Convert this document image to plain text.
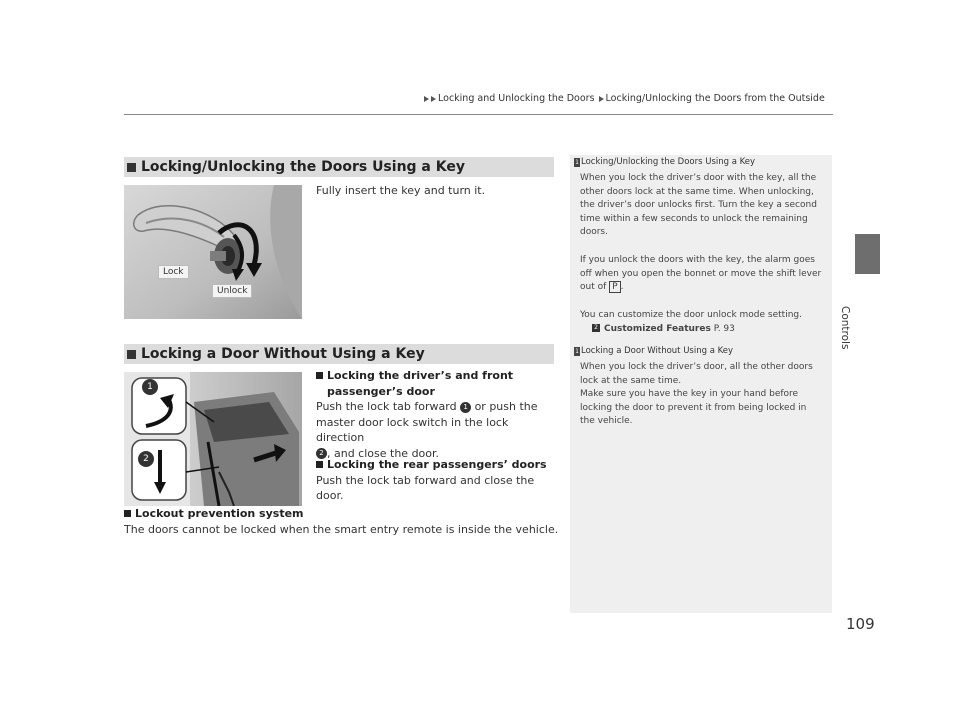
Locking and Unlocking the Doors Locking/Unlocking the Doors from the Outside
Controls
1 Locking/Unlocking the Doors Using a Key
When you lock the driver’s door with the key, all the
other doors lock at the same time. When unlocking,
the driver’s door unlocks first. Turn the key a second
time within a few seconds to unlock the remaining
doors.
If you unlock the doors with the key, the alarm goes
off when you open the bonnet or move the shift lever
out of P .
You can customize the door unlock mode setting.
2 Customized Features P. 93
1 Locking a Door Without Using a Key
When you lock the driver’s door, all the other doors
lock at the same time.
Make sure you have the key in your hand before
locking the door to prevent it from being locked in
the vehicle.
Locking/Unlocking the Doors Using a Key
Lock
Unlock
Fully insert the key and turn it.
Locking a Door Without Using a Key
1
2
Locking the driver’s and front
passenger’s door
Push the lock tab forward 1 or push the
master door lock switch in the lock direction
2 , and close the door.
Locking the rear passengers’ doors
Push the lock tab forward and close the door.
Lockout prevention system
The doors cannot be locked when the smart entry remote is inside the vehicle.
109
